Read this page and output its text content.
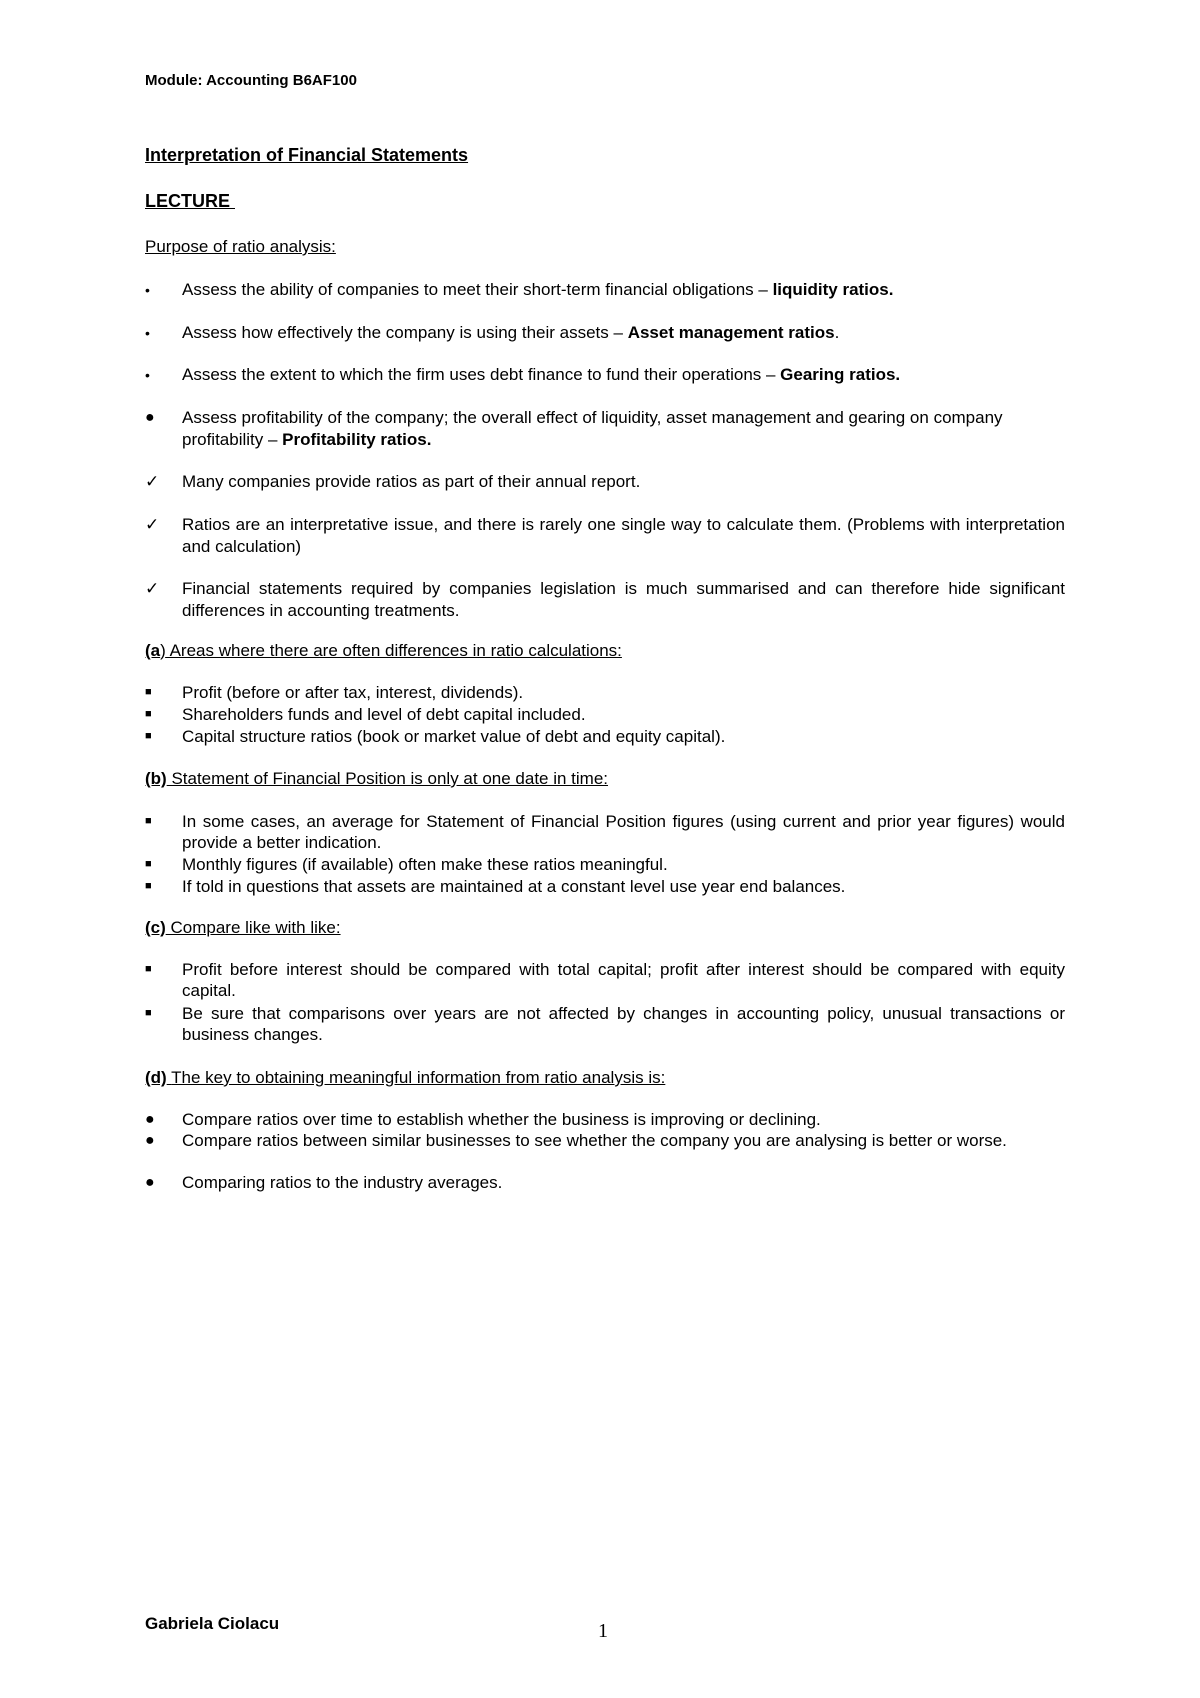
Module: Accounting B6AF100
Interpretation of Financial Statements
LECTURE
Purpose of ratio analysis:
•	Assess the ability of companies to meet their short-term financial obligations – liquidity ratios.
•	Assess how effectively the company is using their assets – Asset management ratios.
•	Assess the extent to which the firm uses debt finance to fund their operations – Gearing ratios.
●	Assess profitability of the company; the overall effect of liquidity, asset management and gearing on company profitability – Profitability ratios.
✓	Many companies provide ratios as part of their annual report.
✓	Ratios are an interpretative issue, and there is rarely one single way to calculate them. (Problems with interpretation and calculation)
✓	Financial statements required by companies legislation is much summarised and can therefore hide significant differences in accounting treatments.
(a) Areas where there are often differences in ratio calculations:
■	Profit (before or after tax, interest, dividends).
■	Shareholders funds and level of debt capital included.
■	Capital structure ratios (book or market value of debt and equity capital).
(b) Statement of Financial Position is only at one date in time:
■	In some cases, an average for Statement of Financial Position figures (using current and prior year figures) would provide a better indication.
■	Monthly figures (if available) often make these ratios meaningful.
■	If told in questions that assets are maintained at a constant level use year end balances.
(c) Compare like with like:
■	Profit before interest should be compared with total capital; profit after interest should be compared with equity capital.
■	Be sure that comparisons over years are not affected by changes in accounting policy, unusual transactions or business changes.
(d) The key to obtaining meaningful information from ratio analysis is:
●	Compare ratios over time to establish whether the business is improving or declining.
●	Compare ratios between similar businesses to see whether the company you are analysing is better or worse.
●	Comparing ratios to the industry averages.
Gabriela Ciolacu	1
